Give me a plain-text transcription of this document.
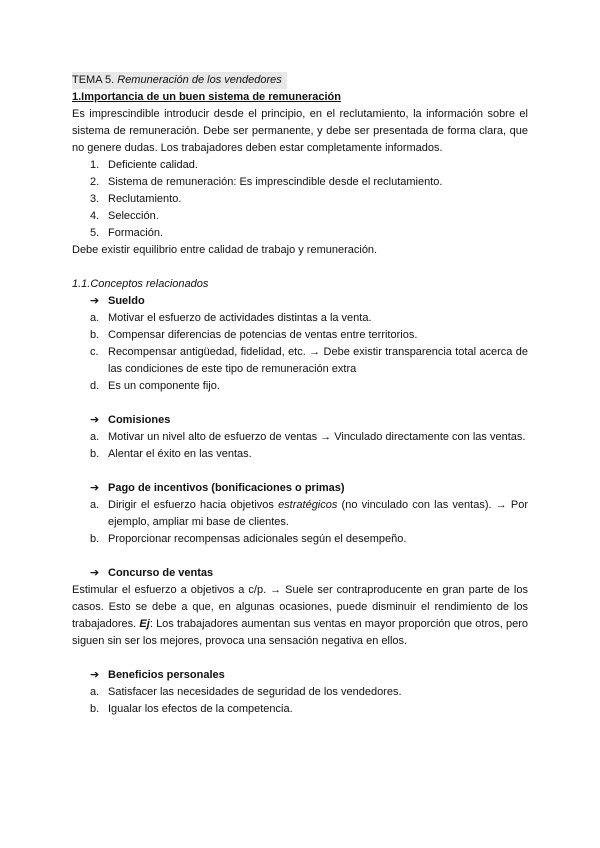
TEMA 5. Remuneración de los vendedores
1.Importancia de un buen sistema de remuneración

Es imprescindible introducir desde el principio, en el reclutamiento, la información sobre el sistema de remuneración. Debe ser permanente, y debe ser presentada de forma clara, que no genere dudas. Los trabajadores deben estar completamente informados.

1. Deficiente calidad.
2. Sistema de remuneración: Es imprescindible desde el reclutamiento.
3. Reclutamiento.
4. Selección.
5. Formación.

Debe existir equilibrio entre calidad de trabajo y remuneración.

1.1.Conceptos relacionados
➔ Sueldo
a. Motivar el esfuerzo de actividades distintas a la venta.
b. Compensar diferencias de potencias de ventas entre territorios.
c. Recompensar antigüedad, fidelidad, etc. → Debe existir transparencia total acerca de las condiciones de este tipo de remuneración extra
d. Es un componente fijo.
➔ Comisiones
a. Motivar un nivel alto de esfuerzo de ventas → Vinculado directamente con las ventas.
b. Alentar el éxito en las ventas.
➔ Pago de incentivos (bonificaciones o primas)
a. Dirigir el esfuerzo hacia objetivos estratégicos (no vinculado con las ventas). → Por ejemplo, ampliar mi base de clientes.
b. Proporcionar recompensas adicionales según el desempeño.
➔ Concurso de ventas

Estimular el esfuerzo a objetivos a c/p. → Suele ser contraproducente en gran parte de los casos. Esto se debe a que, en algunas ocasiones, puede disminuir el rendimiento de los trabajadores. Ej: Los trabajadores aumentan sus ventas en mayor proporción que otros, pero siguen sin ser los mejores, provoca una sensación negativa en ellos.

➔ Beneficios personales
a. Satisfacer las necesidades de seguridad de los vendedores.
b. Igualar los efectos de la competencia.
